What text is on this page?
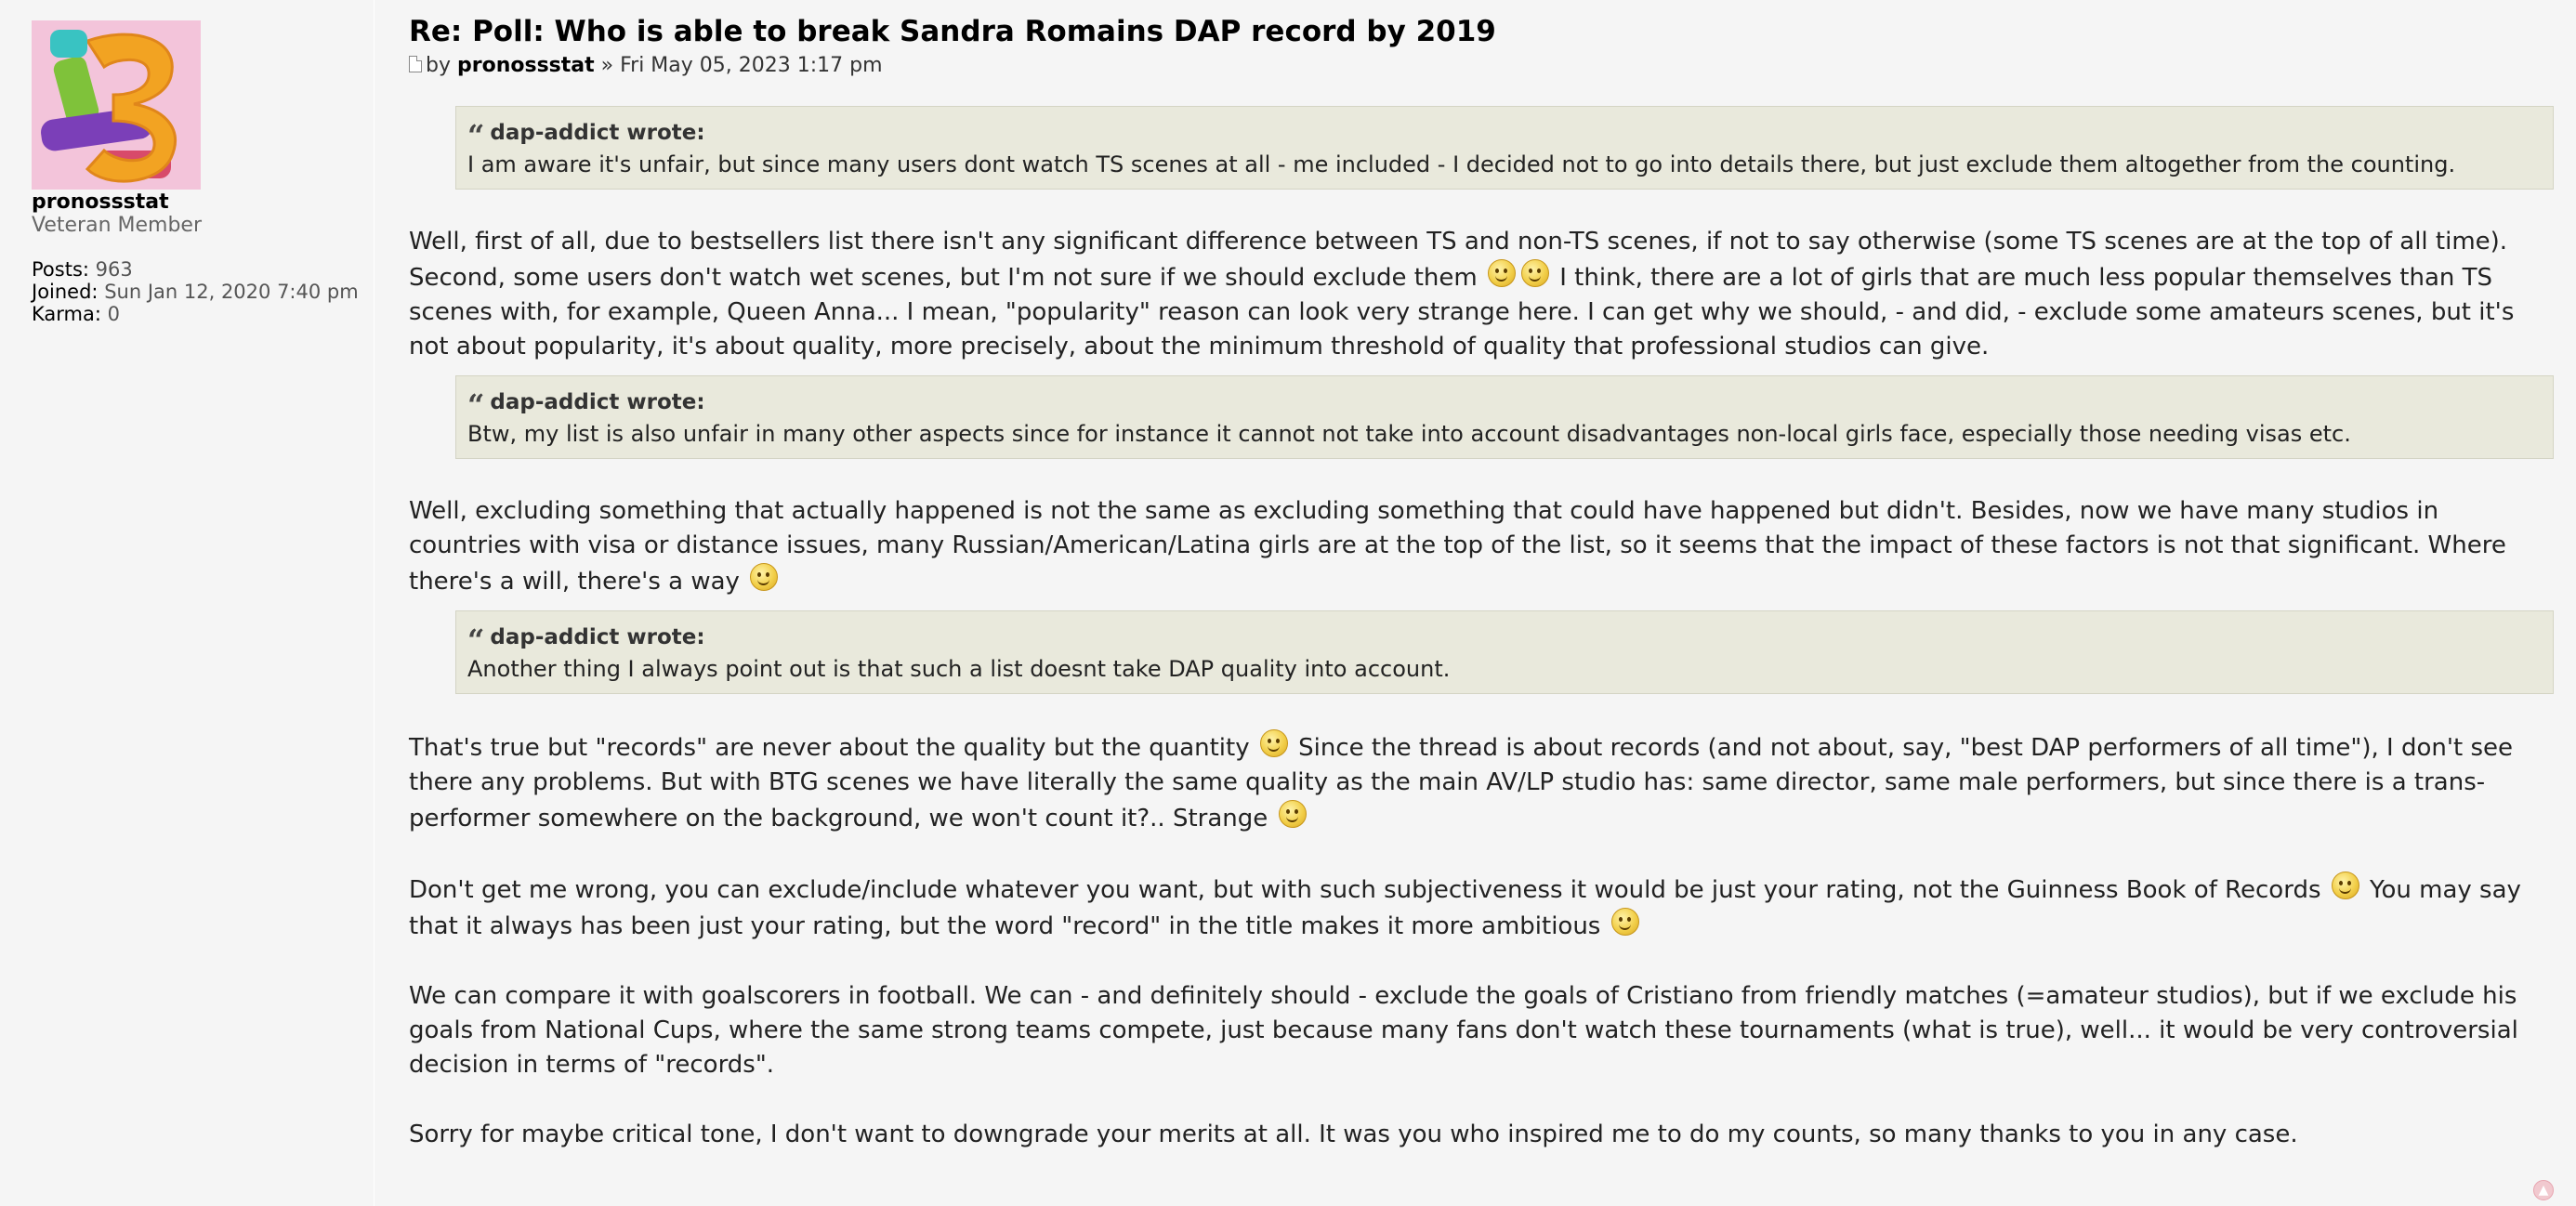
pronossstat
Veteran Member
Posts: 963
Joined: Sun Jan 12, 2020 7:40 pm
Karma: 0
Re: Poll: Who is able to break Sandra Romains DAP record by 2019
by pronossstat » Fri May 05, 2023 1:17 pm
“ dap-addict wrote:
I am aware it's unfair, but since many users dont watch TS scenes at all - me included - I decided not to go into details there, but just exclude them altogether from the counting.
Well, first of all, due to bestsellers list there isn't any significant difference between TS and non-TS scenes, if not to say otherwise (some TS scenes are at the top of all time). Second, some users don't watch wet scenes, but I'm not sure if we should exclude them	I think, there are a lot of girls that are much less popular themselves than TS scenes with, for example, Queen Anna... I mean, "popularity" reason can look very strange here. I can get why we should, - and did, - exclude some amateurs scenes, but it's not about popularity, it's about quality, more precisely, about the minimum threshold of quality that professional studios can give.
“ dap-addict wrote:
Btw, my list is also unfair in many other aspects since for instance it cannot not take into account disadvantages non-local girls face, especially those needing visas etc.
Well, excluding something that actually happened is not the same as excluding something that could have happened but didn't. Besides, now we have many studios in countries with visa or distance issues, many Russian/American/Latina girls are at the top of the list, so it seems that the impact of these factors is not that significant. Where there's a will, there's a way
“ dap-addict wrote:
Another thing I always point out is that such a list doesnt take DAP quality into account.
That's true but "records" are never about the quality but the quantity Since the thread is about records (and not about, say, "best DAP performers of all time"), I don't see there any problems. But with BTG scenes we have literally the same quality as the main AV/LP studio has: same director, same male performers, but since there is a trans-performer somewhere on the background, we won't count it?.. Strange
Don't get me wrong, you can exclude/include whatever you want, but with such subjectiveness it would be just your rating, not the Guinness Book of Records You may say that it always has been just your rating, but the word "record" in the title makes it more ambitious
We can compare it with goalscorers in football. We can - and definitely should - exclude the goals of Cristiano from friendly matches (=amateur studios), but if we exclude his goals from National Cups, where the same strong teams compete, just because many fans don't watch these tournaments (what is true), well... it would be very controversial decision in terms of "records".
Sorry for maybe critical tone, I don't want to downgrade your merits at all. It was you who inspired me to do my counts, so many thanks to you in any case.
▲
